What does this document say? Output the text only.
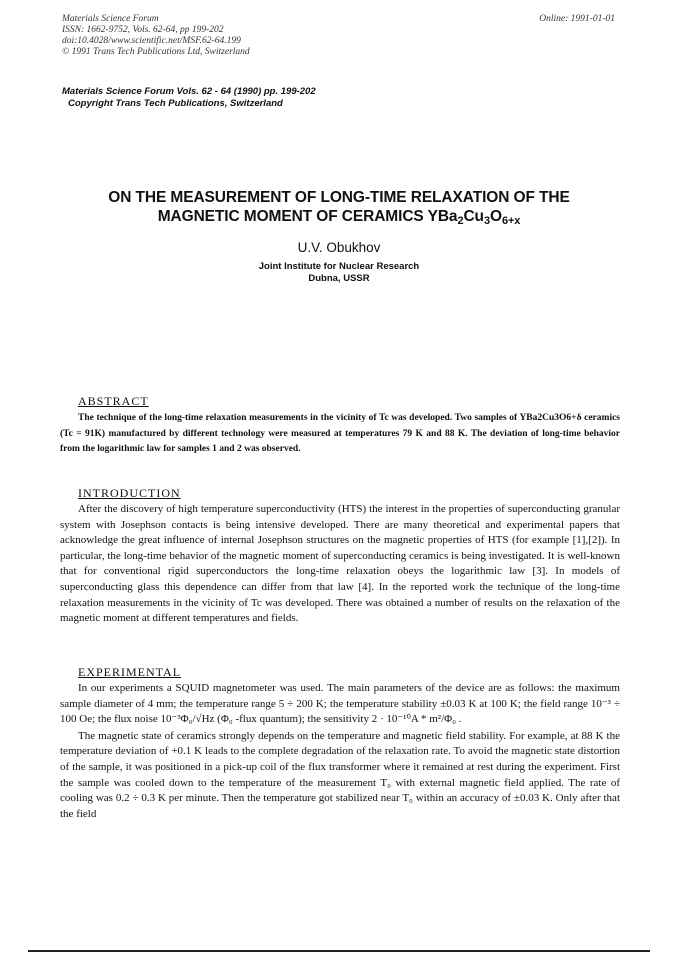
Materials Science Forum
ISSN: 1662-9752, Vols. 62-64, pp 199-202
doi:10.4028/www.scientific.net/MSF.62-64.199
© 1991 Trans Tech Publications Ltd, Switzerland
Online: 1991-01-01
Materials Science Forum Vols. 62 - 64 (1990) pp. 199-202
Copyright Trans Tech Publications, Switzerland
ON THE MEASUREMENT OF LONG-TIME RELAXATION OF THE
MAGNETIC MOMENT OF CERAMICS $YBa_2Cu_3O_{6+x}$
U.V. Obukhov
Joint Institute for Nuclear Research
Dubna, USSR
ABSTRACT

The technique of the long-time relaxation measurements in the vicinity of Tc was developed. Two samples of YBa2Cu3O6+δ ceramics (Tc = 91K) manufactured by different technology were measured at temperatures 79 K and 88 K. The deviation of long-time behavior from the logarithmic law for samples 1 and 2 was observed.

INTRODUCTION

After the discovery of high temperature superconductivity (HTS) the interest in the properties of superconducting granular system with Josephson contacts is being intensive developed. There are many theoretical and experimental papers that acknowledge the great influence of internal Josephson structures on the magnetic properties of HTS (for example [1],[2]). In particular, the long-time behavior of the magnetic moment of superconducting ceramics is being investigated. It is well-known that for conventional rigid superconductors the long-time relaxation obeys the logarithmic law [3]. In models of superconducting glass this dependence can differ from that law [4]. In the reported work the technique of the long-time relaxation measurements in the vicinity of Tc was developed. There was obtained a number of results on the relaxation of the magnetic moment at different temperatures and fields.

EXPERIMENTAL

In our experiments a SQUID magnetometer was used. The main parameters of the device are as follows: the maximum sample diameter of 4 mm; the temperature range 5 ÷ 200 K; the temperature stability ±0.03 K at 100 K; the field range 10⁻³ ÷ 100 Oe; the flux noise 10⁻³Φ₀/√Hz (Φ₀ -flux quantum); the sensitivity 2 · 10⁻¹⁰A * m²/Φ₀ .

The magnetic state of ceramics strongly depends on the temperature and magnetic field stability. For example, at 88 K the temperature deviation of +0.1 K leads to the complete degradation of the relaxation rate. To avoid the magnetic state distortion of the sample, it was positioned in a pick-up coil of the flux transformer where it remained at rest during the experiment. First the sample was cooled down to the temperature of the measurement T₀ with external magnetic field applied. The rate of cooling was 0.2 ÷ 0.3 K per minute. Then the temperature got stabilized near T₀ within an accuracy of ±0.03 K. Only after that the field
